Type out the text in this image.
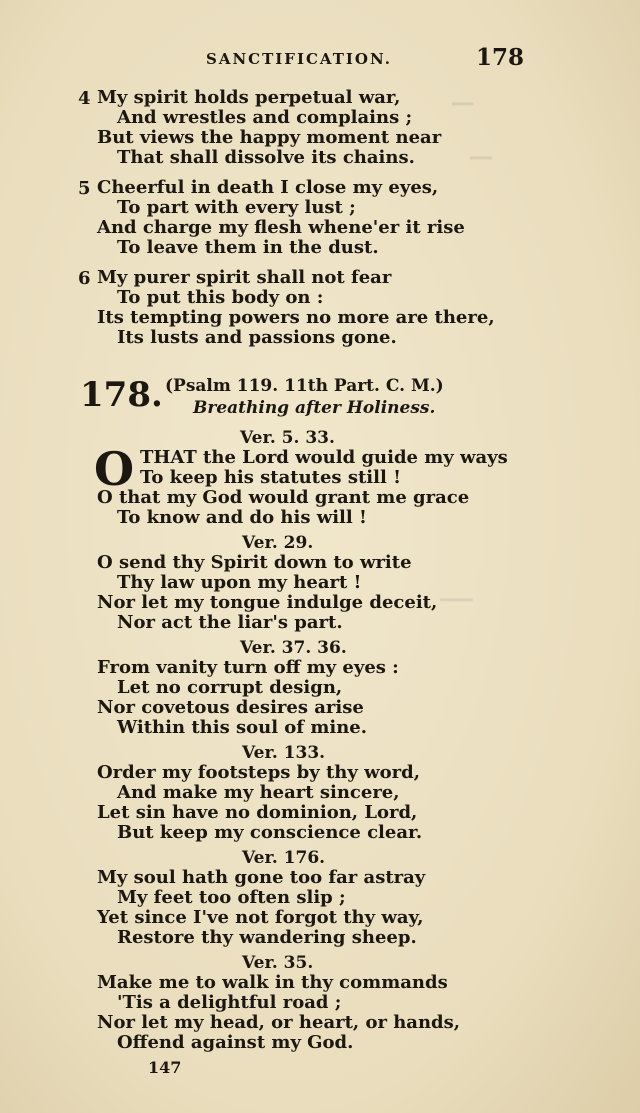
━━
━━
━━━
SANCTIFICATION.	178
4 My spirit holds perpetual war,
And wrestles and complains ;
But views the happy moment near
That shall dissolve its chains.
5 Cheerful in death I close my eyes,
To part with every lust ;
And charge my flesh whene'er it rise
To leave them in the dust.
6 My purer spirit shall not fear
To put this body on :
Its tempting powers no more are there,
Its lusts and passions gone.
178. (Psalm 119. 11th Part. C. M.)
Breathing after Holiness.
Ver. 5. 33.
O THAT the Lord would guide my ways
To keep his statutes still !
O that my God would grant me grace
To know and do his will !
Ver. 29.
O send thy Spirit down to write
Thy law upon my heart !
Nor let my tongue indulge deceit,
Nor act the liar's part.
Ver. 37. 36.
From vanity turn off my eyes :
Let no corrupt design,
Nor covetous desires arise
Within this soul of mine.
Ver. 133.
Order my footsteps by thy word,
And make my heart sincere,
Let sin have no dominion, Lord,
But keep my conscience clear.
Ver. 176.
My soul hath gone too far astray
My feet too often slip ;
Yet since I've not forgot thy way,
Restore thy wandering sheep.
Ver. 35.
Make me to walk in thy commands
'Tis a delightful road ;
Nor let my head, or heart, or hands,
Offend against my God.
147
